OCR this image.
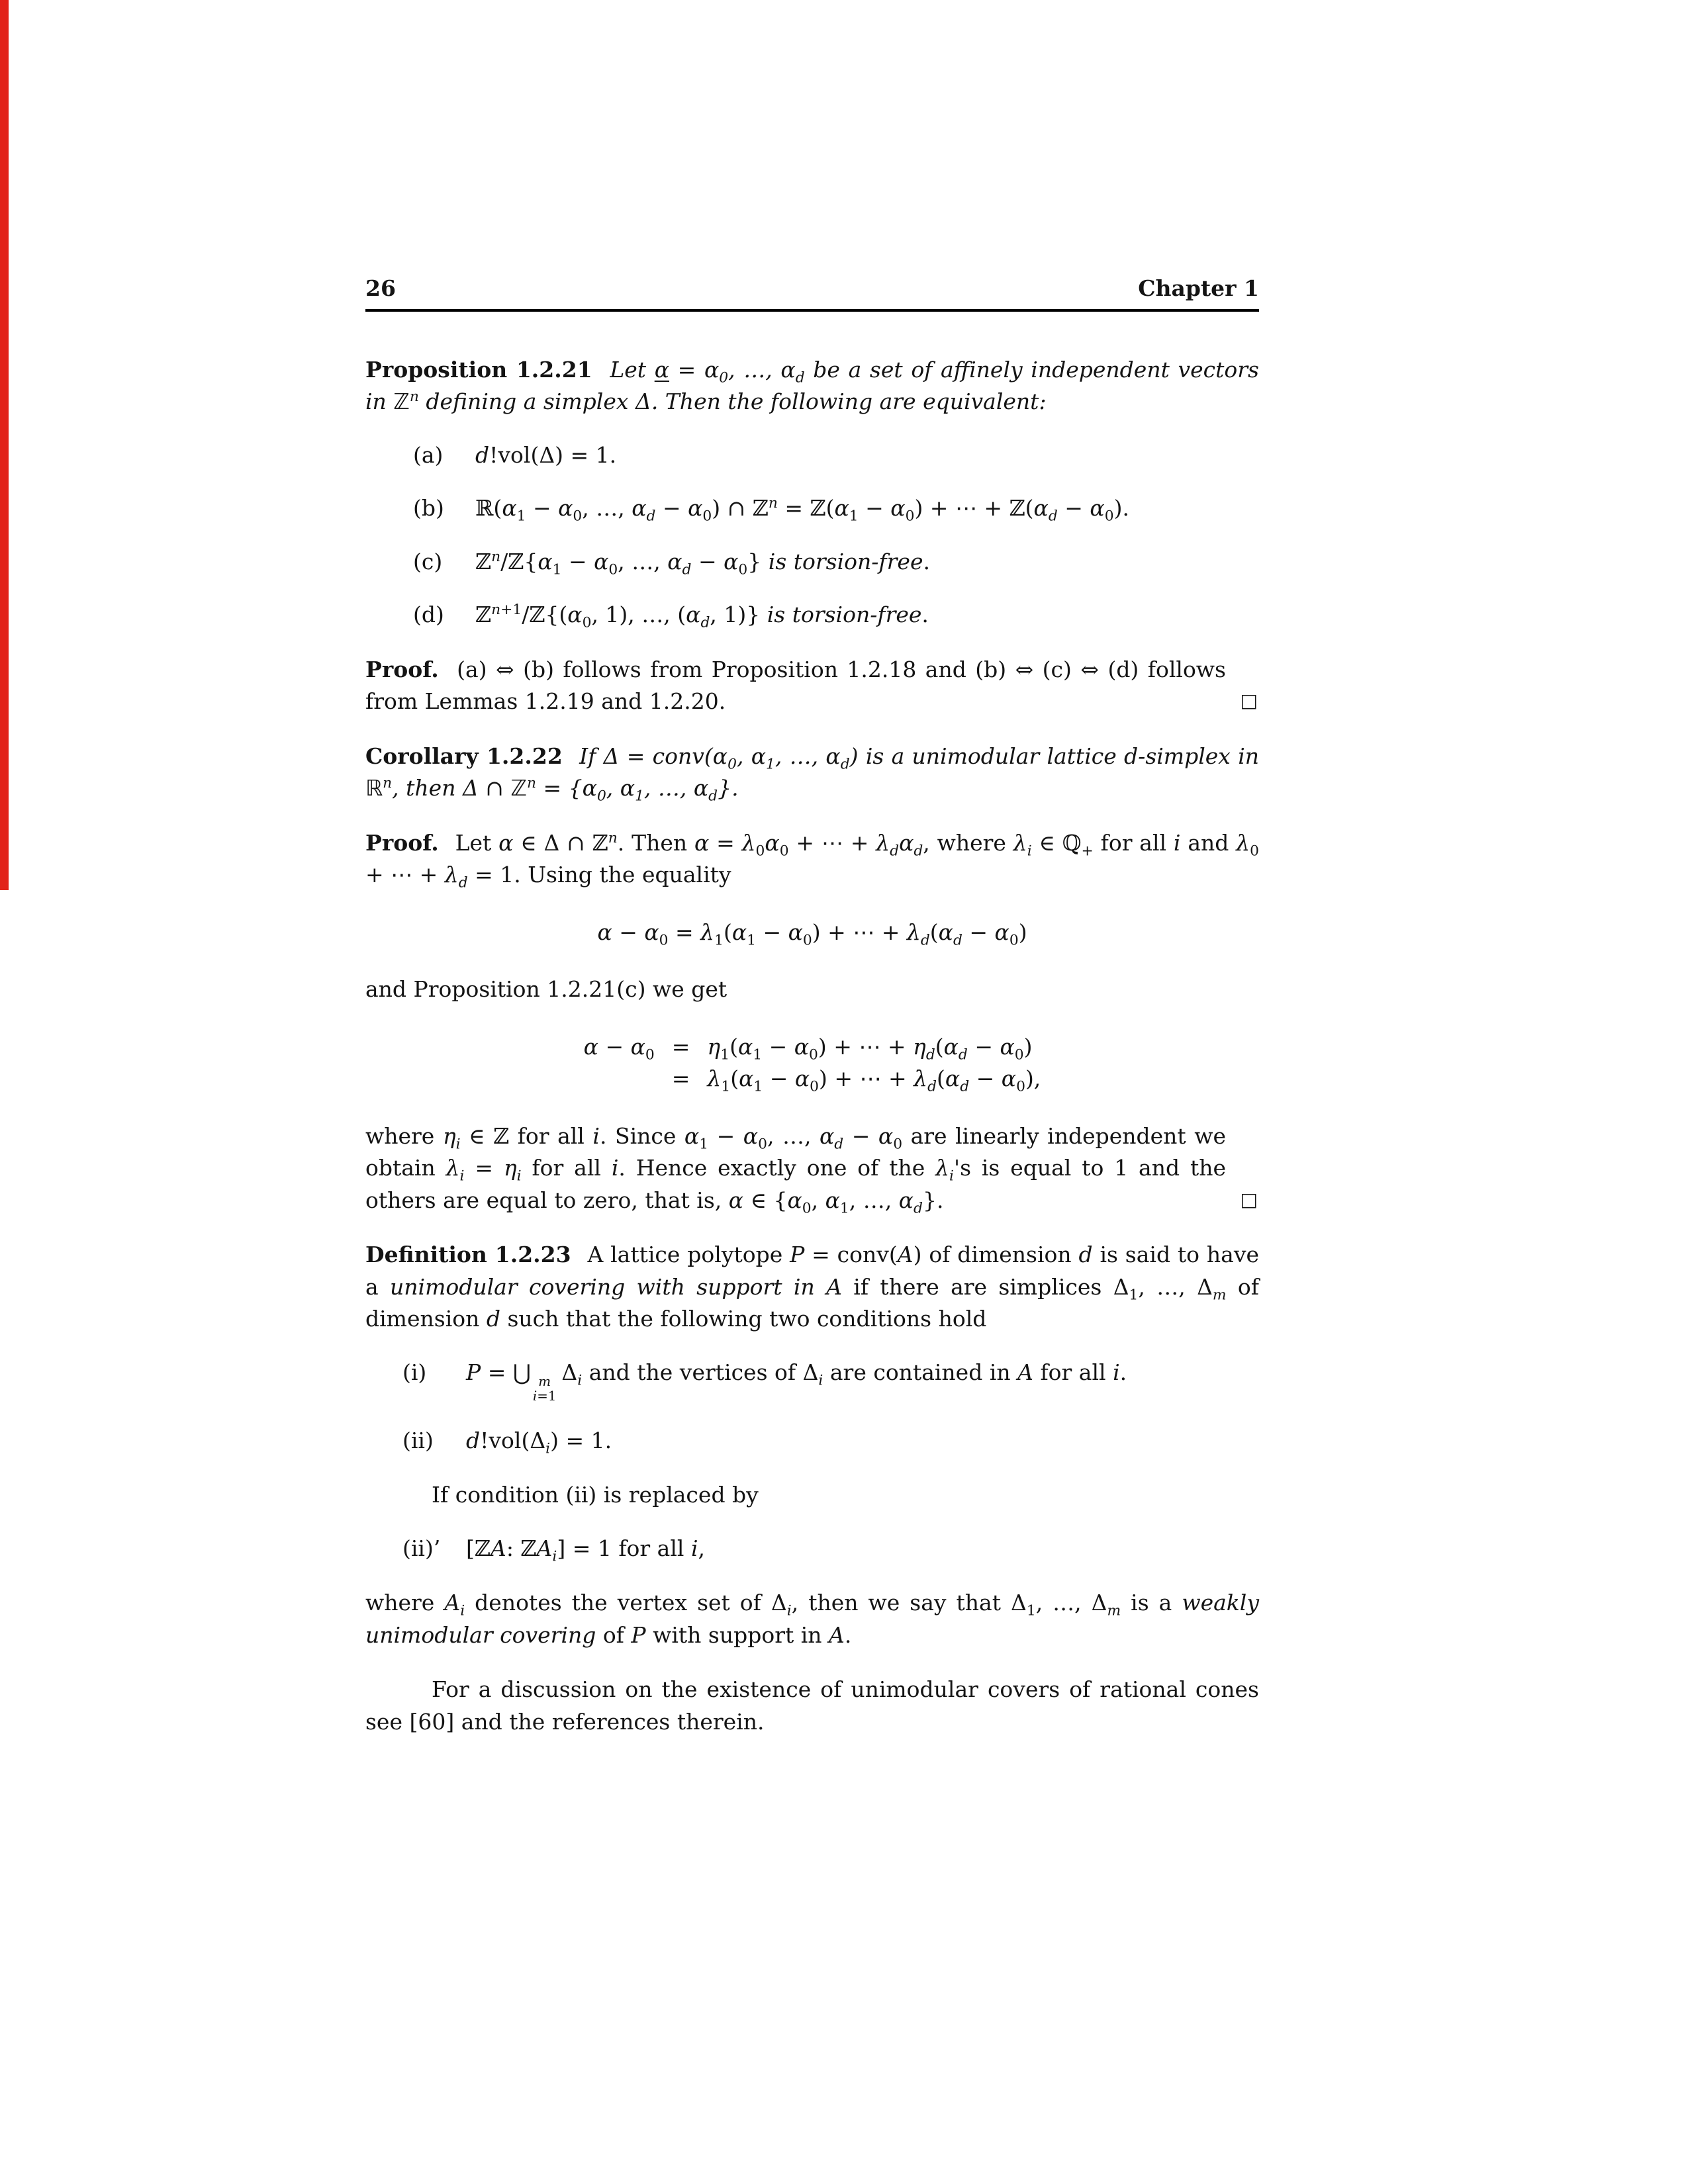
26	Chapter 1

Proposition 1.2.21 Let $\alpha = \alpha_0$, …, $\alpha_d$ be a set of affinely independent vectors in ℤ$^n$ defining a simplex Δ. Then the following are equivalent:

(a) d!vol(Δ) = 1.
(b) $ℝ(\alpha_1 - \alpha_0$, …, $\alpha_d - \alpha_0$) ∩ ℤ$^n$ = $ℤ(\alpha_1 - \alpha_0)$ + ⋯ + $ℤ(\alpha_d - \alpha_0)$.
(c) $ℤ^n/ℤ\{\alpha_1 - \alpha_0$, …, $\alpha_d - \alpha_0$} is torsion-free.
(d) $ℤ^{n+1}/ℤ\{(\alpha_0$, 1), …, ($\alpha_d$, 1)} is torsion-free.

Proof. (a) ⇔ (b) follows from Proposition 1.2.18 and (b) ⇔ (c) ⇔ (d) follows from Lemmas 1.2.19 and 1.2.20.	□

Corollary 1.2.22 If $\Delta = conv(\alpha_0$, $\alpha_1$, …, $\alpha_d$) is a unimodular lattice d-simplex in ℝ$^n$, then Δ ∩ ℤ$^n$ = {$\alpha_0$, $\alpha_1$, …, $\alpha_d$}.

Proof. Let α ∈ Δ ∩ ℤ$^n$. Then $\alpha = \lambda_0\alpha_0$ + ⋯ + $\lambda_d\alpha_d$, where $\lambda_i$ ∈ ℚ$_+$ for all i and $\lambda_0$ + ⋯ + $\lambda_d = 1$. Using the equality

$\alpha - \alpha_0 = \lambda_1(\alpha_1 - \alpha_0)$ + ⋯ + $\lambda_d(\alpha_d - \alpha_0)$

and Proposition 1.2.21(c) we get

$\alpha - \alpha_0 = \eta_1(\alpha_1 - \alpha_0)$ + ⋯ + $\eta_d(\alpha_d - \alpha_0)$
= $\lambda_1(\alpha_1 - \alpha_0)$ + ⋯ + $\lambda_d(\alpha_d - \alpha_0)$,

where $\eta_i$ ∈ ℤ for all i. Since $\alpha_1 - \alpha_0$, …, $\alpha_d - \alpha_0$ are linearly independent we obtain $\lambda_i = \eta_i$ for all i. Hence exactly one of the $\lambda_i's$ is equal to 1 and the others are equal to zero, that is, α ∈ {$\alpha_0$, $\alpha_1$, …, $\alpha_d$}.	□

Definition 1.2.23 A lattice polytope P = conv(A) of dimension d is said to have a unimodular covering with support in A if there are simplices $\Delta_1$, …, $\Delta_m$ of dimension d such that the following two conditions hold

(i) P = ⋃ m
i=1
$\Delta_i$ and the vertices of $\Delta_i$ are contained in A for all i.
(ii) $d!vol(\Delta_i) = 1$.

If condition (ii) is replaced by

(ii)’ [ℤA: ℤA$_i$] = 1 for all i,

where $A_i$ denotes the vertex set of $\Delta_i$, then we say that $\Delta_1$, …, $\Delta_m$ is a weakly unimodular covering of P with support in A.

For a discussion on the existence of unimodular covers of rational cones see [60] and the references therein.
